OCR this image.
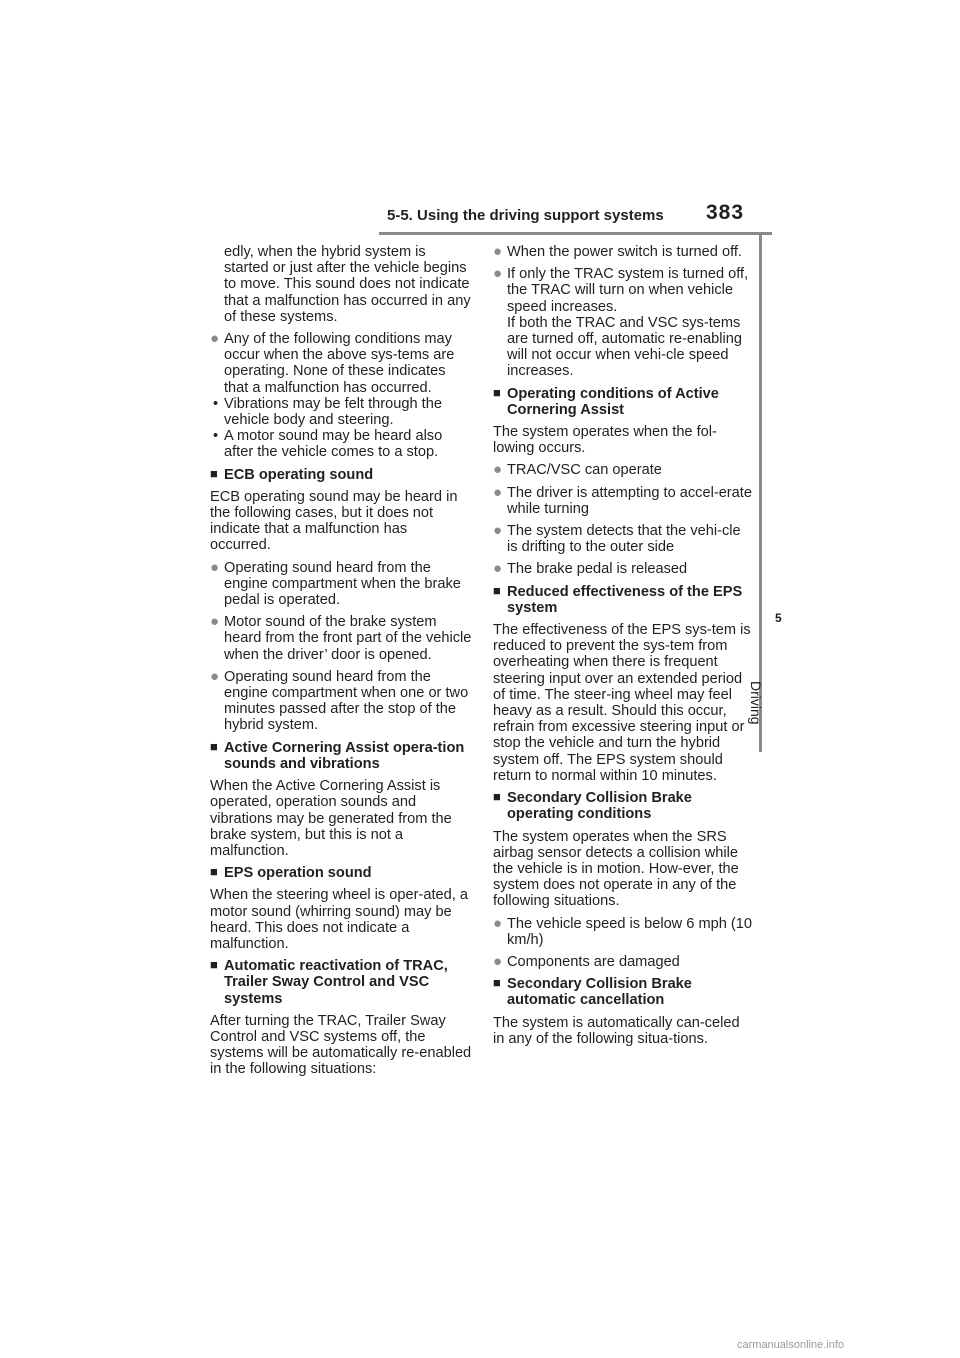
5-5. Using the driving support systems 383
5
Driving

edly, when the hybrid system is started or just after the vehicle begins to move. This sound does not indicate that a malfunction has occurred in any of these systems.

● Any of the following conditions may occur when the above sys-tems are operating. None of these indicates that a malfunction has occurred.
• Vibrations may be felt through the vehicle body and steering.
• A motor sound may be heard also after the vehicle comes to a stop.
■ ECB operating sound

ECB operating sound may be heard in the following cases, but it does not indicate that a malfunction has occurred.

● Operating sound heard from the engine compartment when the brake pedal is operated.
● Motor sound of the brake system heard from the front part of the vehicle when the driver’ door is opened.
● Operating sound heard from the engine compartment when one or two minutes passed after the stop of the hybrid system.
■ Active Cornering Assist opera-tion sounds and vibrations

When the Active Cornering Assist is operated, operation sounds and vibrations may be generated from the brake system, but this is not a malfunction.

■ EPS operation sound

When the steering wheel is oper-ated, a motor sound (whirring sound) may be heard. This does not indicate a malfunction.

■ Automatic reactivation of TRAC, Trailer Sway Control and VSC systems

After turning the TRAC, Trailer Sway Control and VSC systems off, the systems will be automatically re-enabled in the following situations:

● When the power switch is turned off.
● If only the TRAC system is turned off, the TRAC will turn on when vehicle speed increases.

If both the TRAC and VSC sys-tems are turned off, automatic re-enabling will not occur when vehi-cle speed increases.

■ Operating conditions of Active Cornering Assist

The system operates when the fol-lowing occurs.

● TRAC/VSC can operate
● The driver is attempting to accel-erate while turning
● The system detects that the vehi-cle is drifting to the outer side
● The brake pedal is released
■ Reduced effectiveness of the EPS system

The effectiveness of the EPS sys-tem is reduced to prevent the sys-tem from overheating when there is frequent steering input over an extended period of time. The steer-ing wheel may feel heavy as a result. Should this occur, refrain from excessive steering input or stop the vehicle and turn the hybrid system off. The EPS system should return to normal within 10 minutes.

■ Secondary Collision Brake operating conditions

The system operates when the SRS airbag sensor detects a collision while the vehicle is in motion. How-ever, the system does not operate in any of the following situations.

● The vehicle speed is below 6 mph (10 km/h)
● Components are damaged
■ Secondary Collision Brake automatic cancellation

The system is automatically can-celed in any of the following situa-tions.

carmanualsonline.info
